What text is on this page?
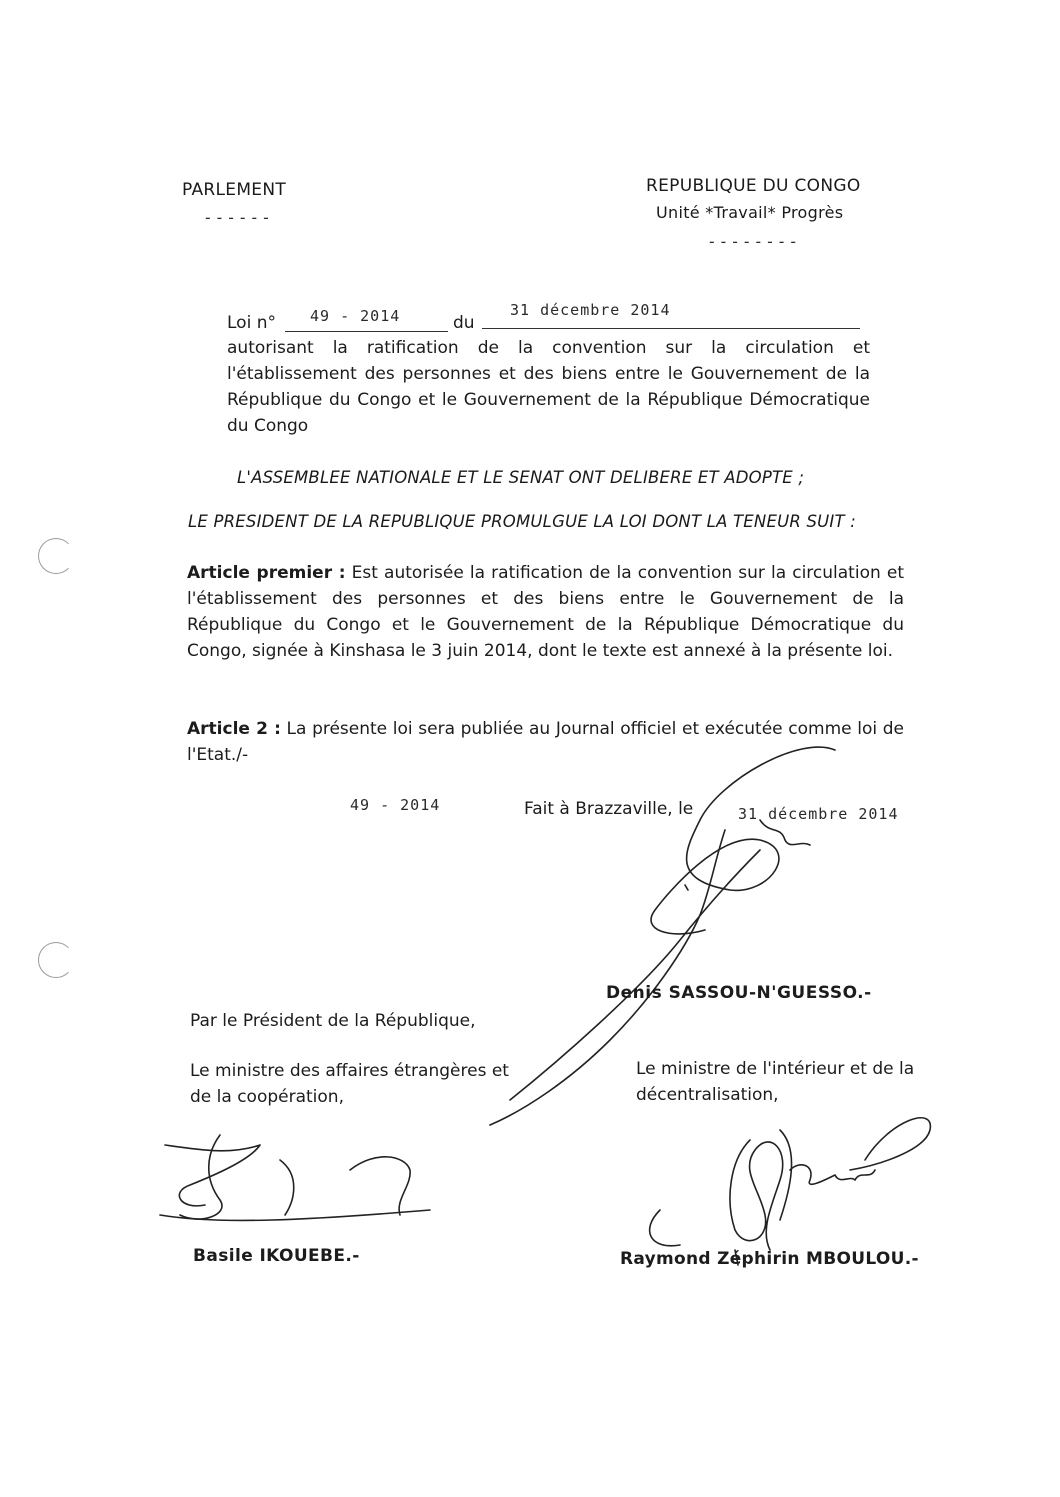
PARLEMENT
------
REPUBLIQUE DU CONGO
Unité *Travail* Progrès
--------
Loi n° 49 - 2014	du
31 décembre 2014
autorisant la ratification de la convention sur la circulation et l'établissement des personnes et des biens entre le Gouvernement de la République du Congo et le Gouvernement de la République Démocratique du Congo
L'ASSEMBLEE NATIONALE ET LE SENAT ONT DELIBERE ET ADOPTE ;
LE PRESIDENT DE LA REPUBLIQUE PROMULGUE LA LOI DONT LA TENEUR SUIT :
Article premier : Est autorisée la ratification de la convention sur la circulation et l'établissement des personnes et des biens entre le Gouvernement de la République du Congo et le Gouvernement de la République Démocratique du Congo, signée à Kinshasa le 3 juin 2014, dont le texte est annexé à la présente loi.
Article 2 : La présente loi sera publiée au Journal officiel et exécutée comme loi de l'Etat./-
49 - 2014	Fait à Brazzaville, le	31 décembre 2014
Denis SASSOU-N'GUESSO.-
Par le Président de la République,
Le ministre des affaires étrangères et de la coopération,
Basile IKOUEBE.-
Le ministre de l'intérieur et de la décentralisation,
Raymond Zéphirin MBOULOU.-
